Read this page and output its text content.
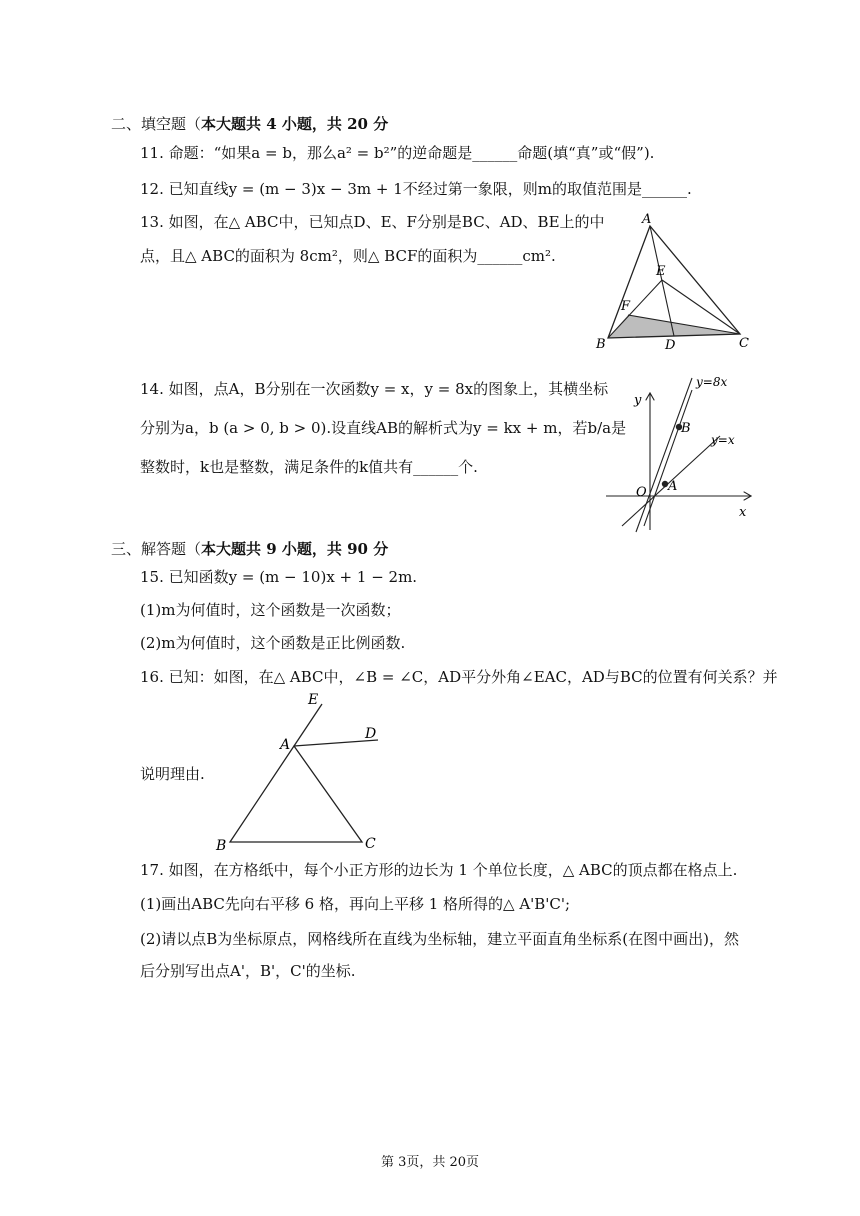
二、填空题（本大题共 4 小题，共 20 分
11. 命题：“如果a = b，那么a² = b²”的逆命题是______命题(填“真”或“假”).
12. 已知直线y = (m − 3)x − 3m + 1不经过第一象限，则m的取值范围是______.
13. 如图，在△ ABC中，已知点D、E、F分别是BC、AD、BE上的中
点，且△ ABC的面积为 8cm²，则△ BCF的面积为______cm².
A
B	C
D
E
F
14. 如图，点A，B分别在一次函数y = x，y = 8x的图象上，其横坐标
分别为a，b (a > 0, b > 0).设直线AB的解析式为y = kx + m，若b/a是
整数时，k也是整数，满足条件的k值共有______个.
y
x
O
B
A
y=8x
y=x
三、解答题（本大题共 9 小题，共 90 分
15. 已知函数y = (m − 10)x + 1 − 2m.
(1)m为何值时，这个函数是一次函数；
(2)m为何值时，这个函数是正比例函数.
16. 已知：如图，在△ ABC中，∠B = ∠C，AD平分外角∠EAC，AD与BC的位置有何关系？并
说明理由.
E
D
A
B	C
17. 如图，在方格纸中，每个小正方形的边长为 1 个单位长度，△ ABC的顶点都在格点上.
(1)画出ABC先向右平移 6 格，再向上平移 1 格所得的△ A'B'C';
(2)请以点B为坐标原点，网格线所在直线为坐标轴，建立平面直角坐标系(在图中画出)，然
后分别写出点A'，B'，C'的坐标.
第 3页，共 20页
